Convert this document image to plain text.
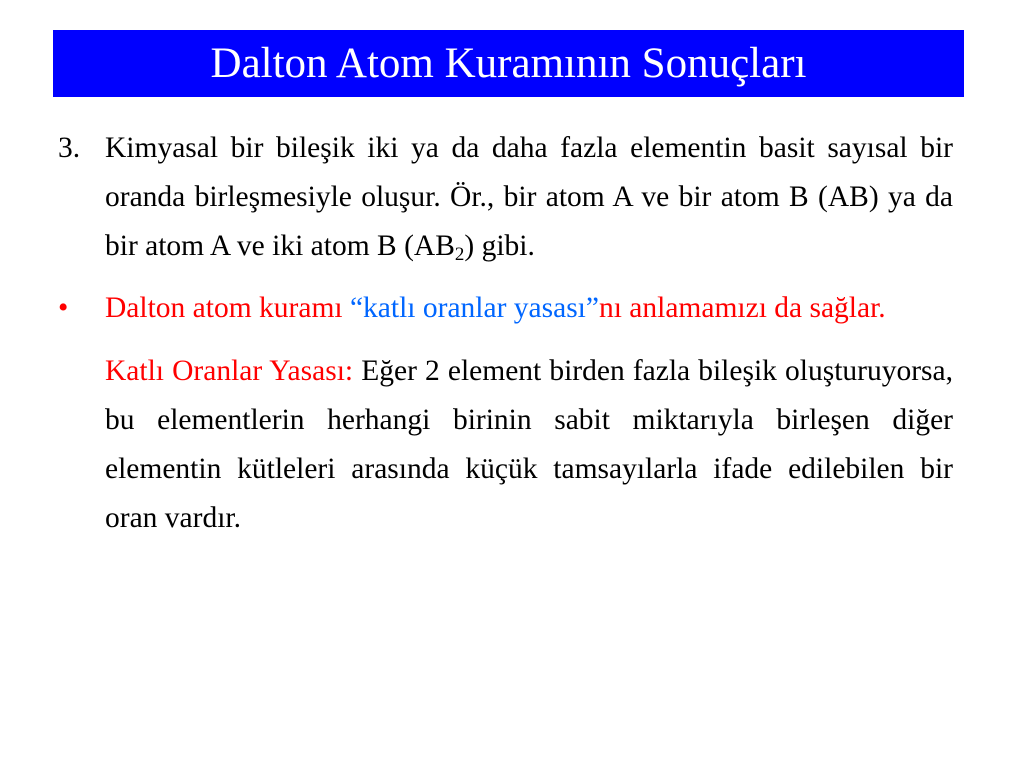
Dalton Atom Kuramının Sonuçları
3. Kimyasal bir bileşik iki ya da daha fazla elementin basit sayısal bir oranda birleşmesiyle oluşur. Ör., bir atom A ve bir atom B (AB) ya da bir atom A ve iki atom B $(AB_2)$ gibi.
• Dalton atom kuramı “katlı oranlar yasası”nı anlamamızı da sağlar.
Katlı Oranlar Yasası: Eğer 2 element birden fazla bileşik oluşturuyorsa, bu elementlerin herhangi birinin sabit miktarıyla birleşen diğer elementin kütleleri arasında küçük tamsayılarla ifade edilebilen bir oran vardır.
